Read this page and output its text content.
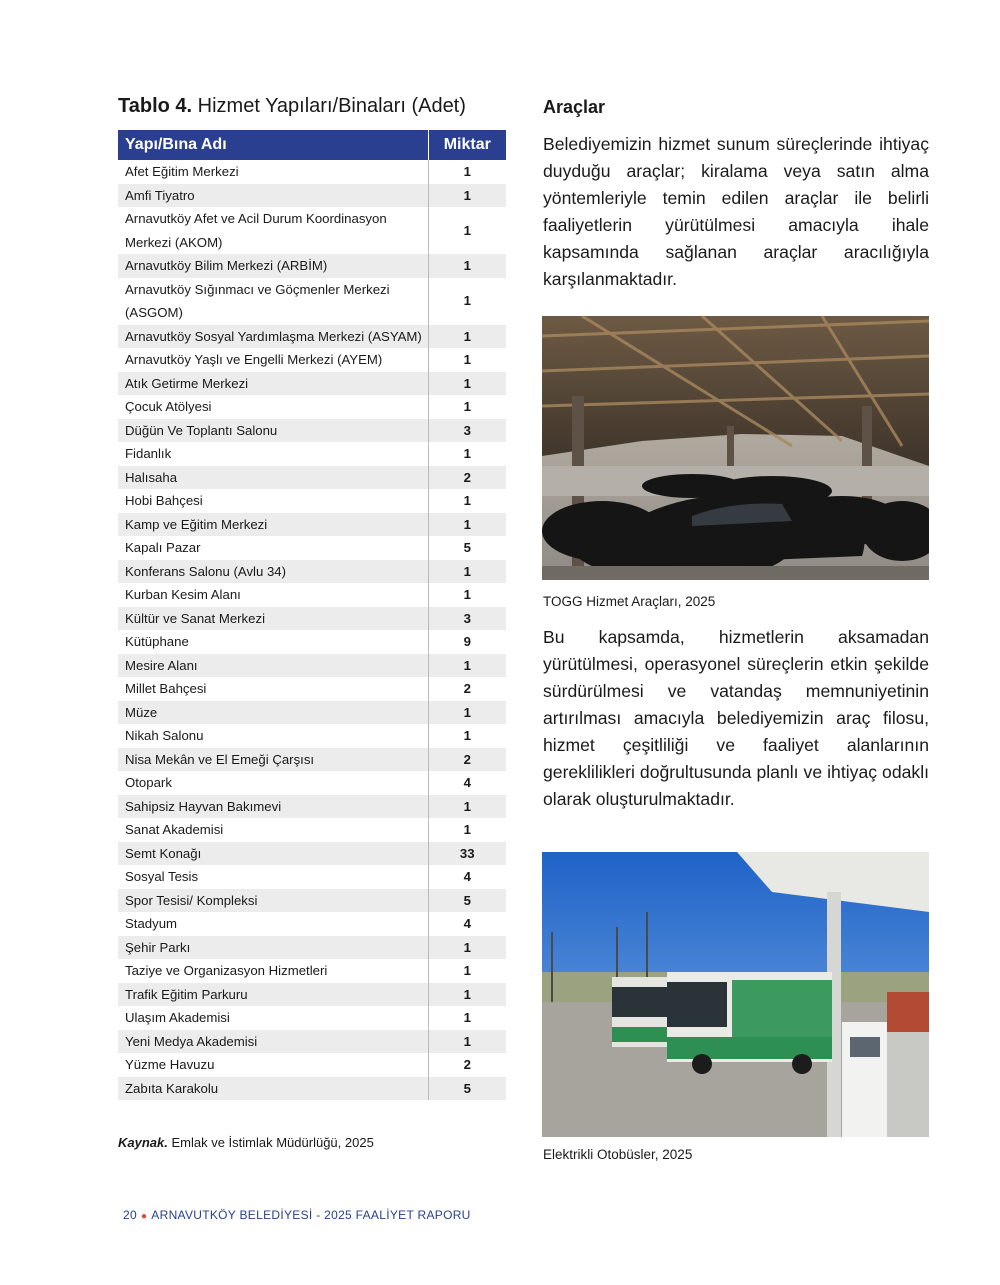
Tablo 4. Hizmet Yapıları/Binaları (Adet)
Yapı/Bına Adı	Miktar
Afet Eğitim Merkezi	1
Amfi Tiyatro	1
Arnavutköy Afet ve Acil Durum Koordinasyon Merkezi (AKOM)	1
Arnavutköy Bilim Merkezi (ARBİM)	1
Arnavutköy Sığınmacı ve Göçmenler Merkezi (ASGOM)	1
Arnavutköy Sosyal Yardımlaşma Merkezi (ASYAM)	1
Arnavutköy Yaşlı ve Engelli Merkezi (AYEM)	1
Atık Getirme Merkezi	1
Çocuk Atölyesi	1
Düğün Ve Toplantı Salonu	3
Fidanlık	1
Halısaha	2
Hobi Bahçesi	1
Kamp ve Eğitim Merkezi	1
Kapalı Pazar	5
Konferans Salonu (Avlu 34)	1
Kurban Kesim Alanı	1
Kültür ve Sanat Merkezi	3
Kütüphane	9
Mesire Alanı	1
Millet Bahçesi	2
Müze	1
Nikah Salonu	1
Nisa Mekân ve El Emeği Çarşısı	2
Otopark	4
Sahipsiz Hayvan Bakımevi	1
Sanat Akademisi	1
Semt Konağı	33
Sosyal Tesis	4
Spor Tesisi/ Kompleksi	5
Stadyum	4
Şehir Parkı	1
Taziye ve Organizasyon Hizmetleri	1
Trafik Eğitim Parkuru	1
Ulaşım Akademisi	1
Yeni Medya Akademisi	1
Yüzme Havuzu	2
Zabıta Karakolu	5
Kaynak. Emlak ve İstimlak Müdürlüğü, 2025
Araçlar

Belediyemizin hizmet sunum süreçlerinde ihtiyaç duyduğu araçlar; kiralama veya satın alma yöntemleriyle temin edilen araçlar ile belirli faaliyetlerin yürütülmesi amacıyla ihale kapsamında sağlanan araçlar aracılığıyla karşılanmaktadır.

TOGG Hizmet Araçları, 2025

Bu kapsamda, hizmetlerin aksamadan yürütülmesi, operasyonel süreçlerin etkin şekilde sürdürülmesi ve vatandaş memnuniyetinin artırılması amacıyla belediyemizin araç filosu, hizmet çeşitliliği ve faaliyet alanlarının gereklilikleri doğrultusunda planlı ve ihtiyaç odaklı olarak oluşturulmaktadır.

Elektrikli Otobüsler, 2025
20 ● ARNAVUTKÖY BELEDİYESİ - 2025 FAALİYET RAPORU
